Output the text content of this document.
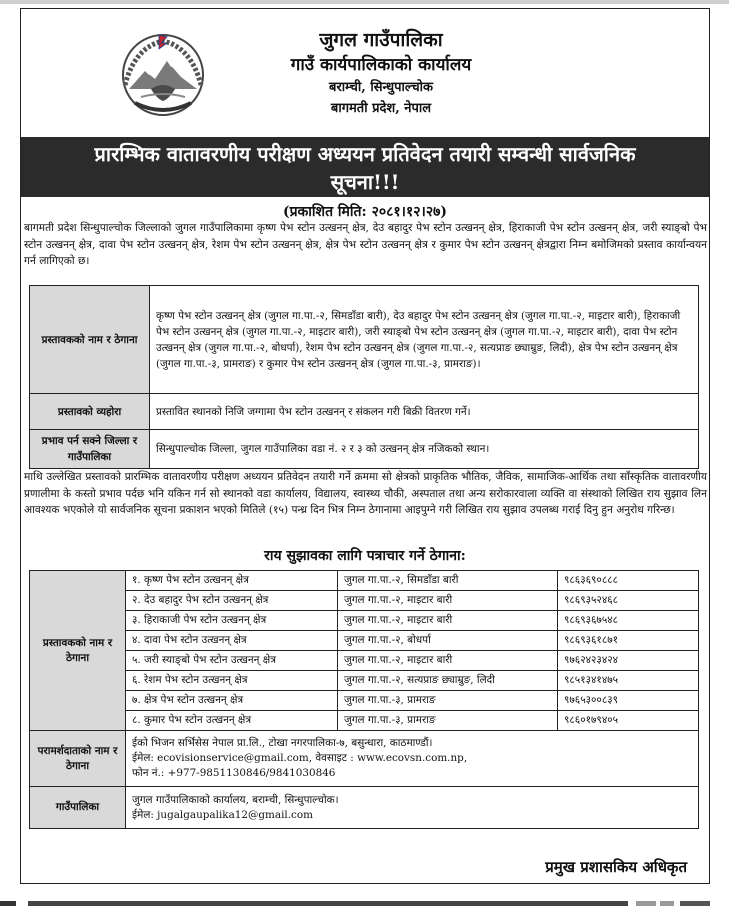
जुगल गाउँपालिका
गाउँ कार्यपालिकाको कार्यालय
बराम्ची, सिन्धुपाल्चोक
बागमती प्रदेश, नेपाल
प्रारम्भिक वातावरणीय परीक्षण अध्ययन प्रतिवेदन तयारी सम्वन्धी सार्वजनिक
सूचना!!!
(प्रकाशित मिति: २०८१।१२।२७)
बागमती प्रदेश सिन्धुपाल्चोक जिल्लाको जुगल गाउँपालिकामा कृष्ण पेभ स्टोन उत्खनन् क्षेत्र, देउ बहादुर पेभ स्टोन उत्खनन् क्षेत्र, हिराकाजी पेभ स्टोन उत्खनन् क्षेत्र, जरी स्याङ्बो पेभ स्टोन उत्खनन् क्षेत्र, दावा पेभ स्टोन उत्खनन् क्षेत्र, रेशम पेभ स्टोन उत्खनन् क्षेत्र, क्षेत्र पेभ स्टोन उत्खनन् क्षेत्र र कुमार पेभ स्टोन उत्खनन् क्षेत्रद्वारा निम्न बमोजिमको प्रस्ताव कार्यान्वयन गर्न लागिएको छ।
प्रस्तावकको नाम र ठेगाना	कृष्ण पेभ स्टोन उत्खनन् क्षेत्र (जुगल गा.पा.-२, सिमडाँडा बारी), देउ बहादुर पेभ स्टोन उत्खनन् क्षेत्र (जुगल गा.पा.-२, माइटार बारी), हिराकाजी पेभ स्टोन उत्खनन् क्षेत्र (जुगल गा.पा.-२, माइटार बारी), जरी स्याङ्बो पेभ स्टोन उत्खनन् क्षेत्र (जुगल गा.पा.-२, माइटार बारी), दावा पेभ स्टोन उत्खनन् क्षेत्र (जुगल गा.पा.-२, बोधर्पा), रेशम पेभ स्टोन उत्खनन् क्षेत्र (जुगल गा.पा.-२, सत्यप्राङ छ्याम्रुङ, लिदी), क्षेत्र पेभ स्टोन उत्खनन् क्षेत्र (जुगल गा.पा.-३, प्रामराङ) र कुमार पेभ स्टोन उत्खनन् क्षेत्र (जुगल गा.पा.-३, प्रामराङ)।
प्रस्तावको व्यहोरा	प्रस्तावित स्थानको निजि जग्गामा पेभ स्टोन उत्खनन् र संकलन गरी बिक्री वितरण गर्ने।
प्रभाव पर्न सक्ने जिल्ला र गाउँपालिका	सिन्धुपाल्चोक जिल्ला, जुगल गाउँपालिका वडा नं. २ र ३ को उत्खनन् क्षेत्र नजिकको स्थान।
माथि उल्लेखित प्रस्तावको प्रारम्भिक वातावरणीय परीक्षण अध्ययन प्रतिवेदन तयारी गर्ने क्रममा सो क्षेत्रको प्राकृतिक भौतिक, जैविक, सामाजिक-आर्थिक तथा साँस्कृतिक वातावरणीय प्रणालीमा के कस्तो प्रभाव पर्दछ भनि यकिन गर्न सो स्थानको वडा कार्यालय, विद्यालय, स्वास्थ्य चौकी, अस्पताल तथा अन्य सरोकारवाला व्यक्ति वा संस्थाको लिखित राय सुझाव लिन आवश्यक भएकोले यो सार्वजनिक सूचना प्रकाशन भएको मितिले (१५) पन्ध्र दिन भित्र निम्न ठेगानामा आइपुग्ने गरी लिखित राय सुझाव उपलब्ध गराई दिनु हुन अनुरोध गरिन्छ।
राय सुझावका लागि पत्राचार गर्ने ठेगाना:
प्रस्तावकको नाम र ठेगाना	१. कृष्ण पेभ स्टोन उत्खनन् क्षेत्र	जुगल गा.पा.-२, सिमडाँडा बारी	९८६३६९०८८८
	२. देउ बहादुर पेभ स्टोन उत्खनन् क्षेत्र	जुगल गा.पा.-२, माइटार बारी	९८६९३५२४६८
	३. हिराकाजी पेभ स्टोन उत्खनन् क्षेत्र	जुगल गा.पा.-२, माइटार बारी	९८६९३६७५४८
	४. दावा पेभ स्टोन उत्खनन् क्षेत्र	जुगल गा.पा.-२, बोधर्पा	९८६९३६१८७१
	५. जरी स्याङ्बो पेभ स्टोन उत्खनन् क्षेत्र	जुगल गा.पा.-२, माइटार बारी	९७६२४२३४२४
	६. रेशम पेभ स्टोन उत्खनन् क्षेत्र	जुगल गा.पा.-२, सत्यप्राङ छ्याम्रुङ, लिदी	९८५१३४१४७५
	७. क्षेत्र पेभ स्टोन उत्खनन् क्षेत्र	जुगल गा.पा.-३, प्रामराङ	९७६५३००८३९
	८. कुमार पेभ स्टोन उत्खनन् क्षेत्र	जुगल गा.पा.-३, प्रामराङ	९८६०१७९४०५
परामर्शदाताको नाम र ठेगाना	ईको भिजन सर्भिसेस नेपाल प्रा.लि., टोखा नगरपालिका-७, बसुन्धारा, काठमाण्डौं।
ईमेल: ecovisionservice@gmail.com, वेवसाइट : www.ecovsn.com.np,
फोन नं.: +977-9851130846/9841030846		

गाउँपालिका	जुगल गाउँपालिकाको कार्यालय, बराम्ची, सिन्धुपाल्चोक।
ईमेल: jugalgaupalika12@gmail.com		
प्रमुख प्रशासकिय अधिकृत
